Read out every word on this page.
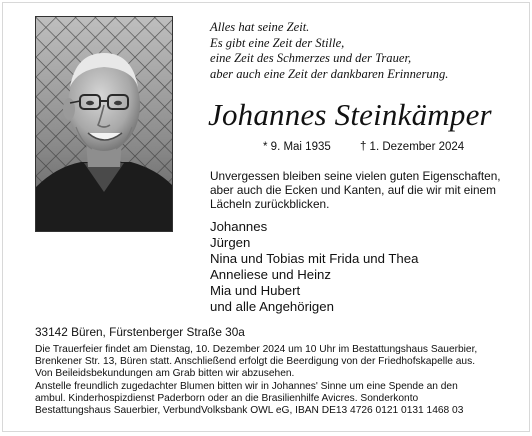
Alles hat seine Zeit.
Es gibt eine Zeit der Stille,
eine Zeit des Schmerzes und der Trauer,
aber auch eine Zeit der dankbaren Erinnerung.
Johannes Steinkämper
* 9. Mai 1935	† 1. Dezember 2024
Unvergessen bleiben seine vielen guten Eigenschaften,
aber auch die Ecken und Kanten, auf die wir mit einem
Lächeln zurückblicken.
Johannes
Jürgen
Nina und Tobias mit Frida und Thea
Anneliese und Heinz
Mia und Hubert
und alle Angehörigen
33142 Büren, Fürstenberger Straße 30a
Die Trauerfeier findet am Dienstag, 10. Dezember 2024 um 10 Uhr im Bestattungshaus Sauerbier,
Brenkener Str. 13, Büren statt. Anschließend erfolgt die Beerdigung von der Friedhofskapelle aus.
Von Beileidsbekundungen am Grab bitten wir abzusehen.
Anstelle freundlich zugedachter Blumen bitten wir in Johannes' Sinne um eine Spende an den
ambul. Kinderhospizdienst Paderborn oder an die Brasilienhilfe Avicres. Sonderkonto
Bestattungshaus Sauerbier, VerbundVolksbank OWL eG, IBAN DE13 4726 0121 0131 1468 03
